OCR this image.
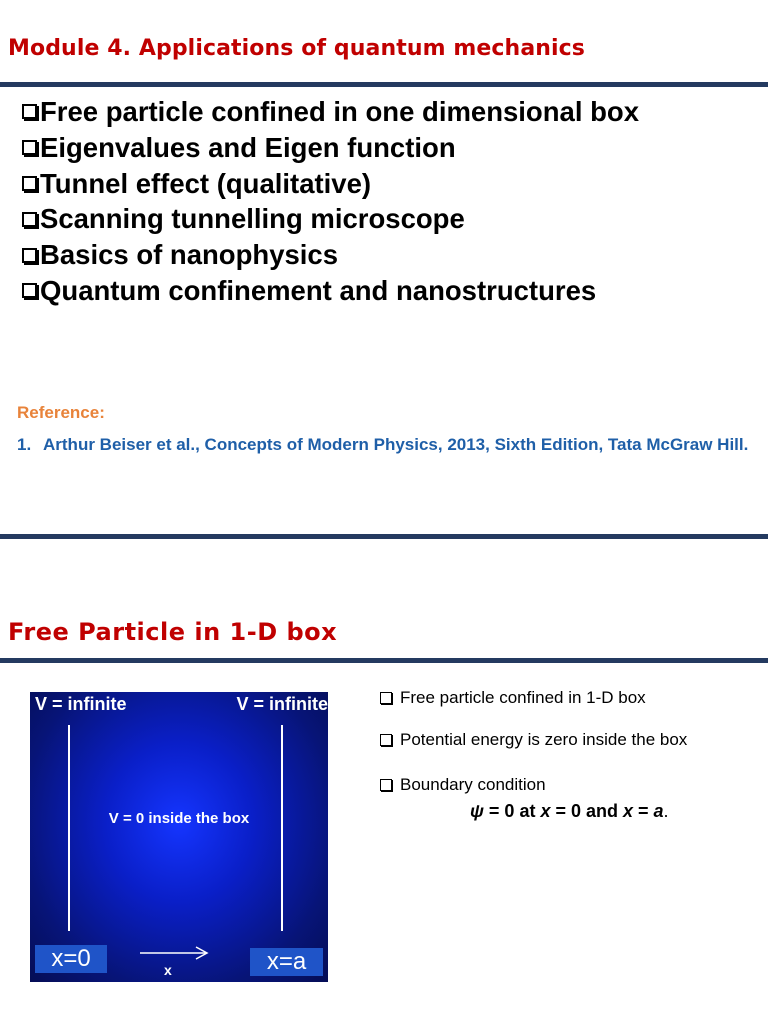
Module 4. Applications of quantum mechanics
Free particle confined in one dimensional box
Eigenvalues and Eigen function
Tunnel effect (qualitative)
Scanning tunnelling microscope
Basics of nanophysics
Quantum confinement and nanostructures

Reference:

1. Arthur Beiser et al., Concepts of Modern Physics, 2013, Sixth Edition, Tata McGraw Hill.
Free Particle in 1-D box
V = infinite	V = infinite
V = 0 inside the box
x=0	x	x=a
Free particle confined in 1-D box
Potential energy is zero inside the box
Boundary condition
ψ = 0 at x = 0 and x = a.
